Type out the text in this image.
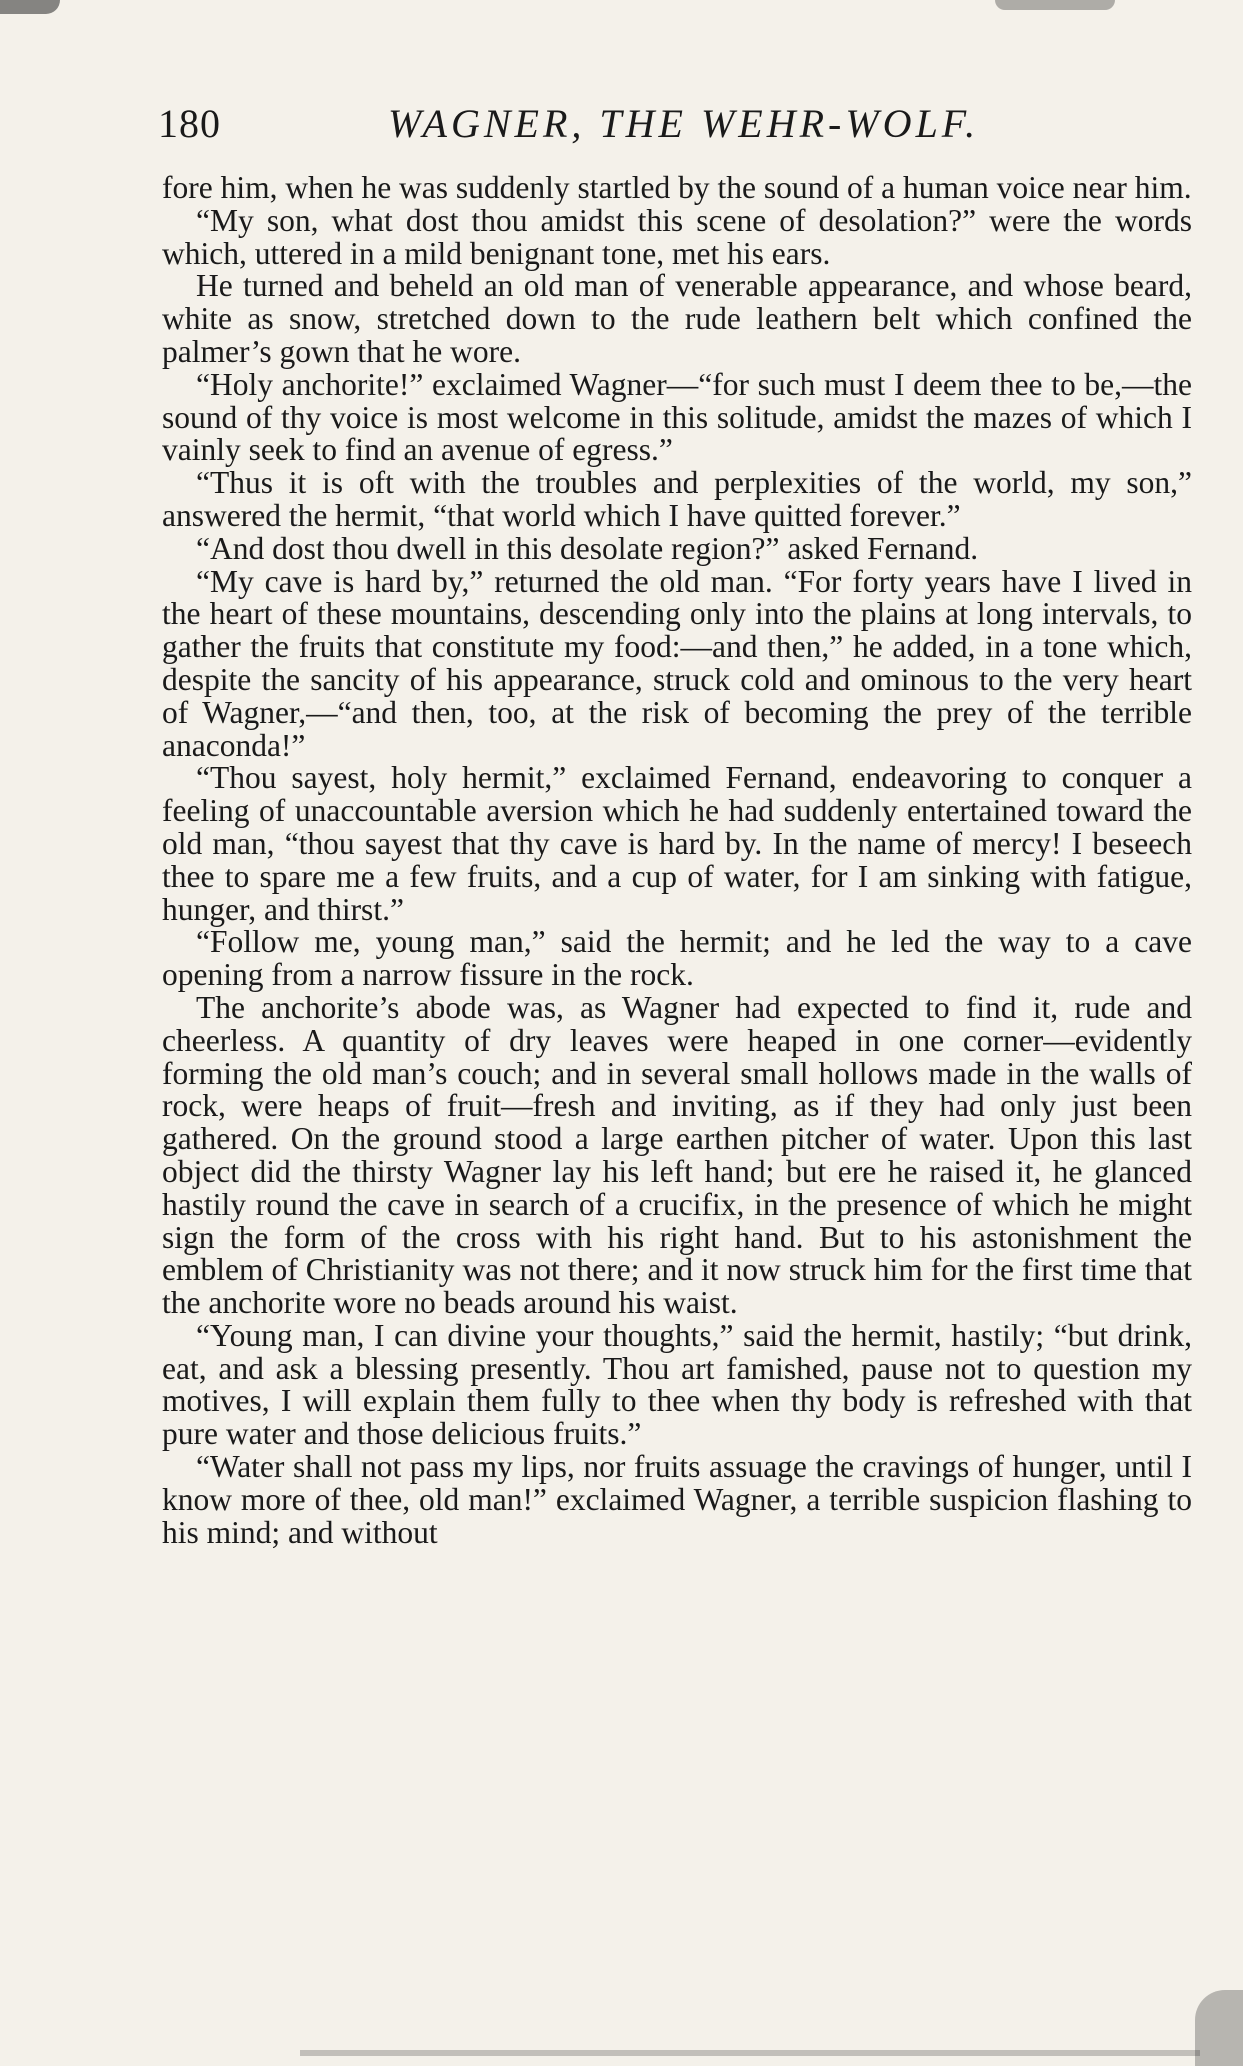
180	WAGNER, THE WEHR-WOLF.

fore him, when he was suddenly startled by the sound of a human voice near him.

“My son, what dost thou amidst this scene of desolation?” were the words which, uttered in a mild benignant tone, met his ears.

He turned and beheld an old man of venerable appearance, and whose beard, white as snow, stretched down to the rude leathern belt which confined the palmer’s gown that he wore.

“Holy anchorite!” exclaimed Wagner—“for such must I deem thee to be,—the sound of thy voice is most welcome in this solitude, amidst the mazes of which I vainly seek to find an avenue of egress.”

“Thus it is oft with the troubles and perplexities of the world, my son,” answered the hermit, “that world which I have quitted forever.”

“And dost thou dwell in this desolate region?” asked Fernand.

“My cave is hard by,” returned the old man. “For forty years have I lived in the heart of these mountains, descending only into the plains at long intervals, to gather the fruits that constitute my food:—and then,” he added, in a tone which, despite the sancity of his appearance, struck cold and ominous to the very heart of Wagner,—“and then, too, at the risk of becoming the prey of the terrible anaconda!”

“Thou sayest, holy hermit,” exclaimed Fernand, endeavoring to conquer a feeling of unaccountable aversion which he had suddenly entertained toward the old man, “thou sayest that thy cave is hard by. In the name of mercy! I beseech thee to spare me a few fruits, and a cup of water, for I am sinking with fatigue, hunger, and thirst.”

“Follow me, young man,” said the hermit; and he led the way to a cave opening from a narrow fissure in the rock.

The anchorite’s abode was, as Wagner had expected to find it, rude and cheerless. A quantity of dry leaves were heaped in one corner—evidently forming the old man’s couch; and in several small hollows made in the walls of rock, were heaps of fruit—fresh and inviting, as if they had only just been gathered. On the ground stood a large earthen pitcher of water. Upon this last object did the thirsty Wagner lay his left hand; but ere he raised it, he glanced hastily round the cave in search of a crucifix, in the presence of which he might sign the form of the cross with his right hand. But to his astonishment the emblem of Christianity was not there; and it now struck him for the first time that the anchorite wore no beads around his waist.

“Young man, I can divine your thoughts,” said the hermit, hastily; “but drink, eat, and ask a blessing presently. Thou art famished, pause not to question my motives, I will explain them fully to thee when thy body is refreshed with that pure water and those delicious fruits.”

“Water shall not pass my lips, nor fruits assuage the cravings of hunger, until I know more of thee, old man!” exclaimed Wagner, a terrible suspicion flashing to his mind; and without
